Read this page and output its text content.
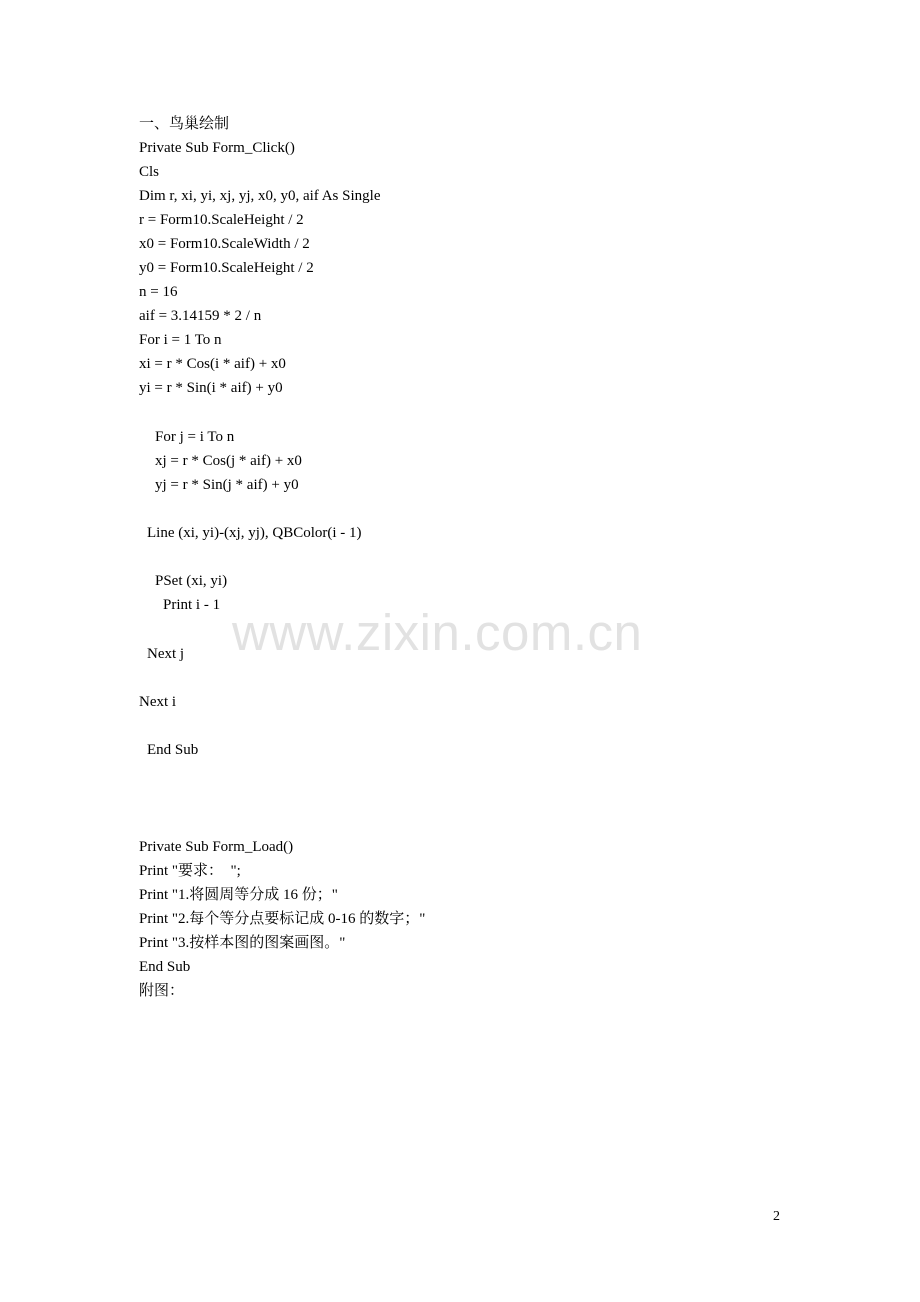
一、鸟巢绘制
Private Sub Form_Click()
Cls
Dim r, xi, yi, xj, yj, x0, y0, aif As Single
r = Form10.ScaleHeight / 2
x0 = Form10.ScaleWidth / 2
y0 = Form10.ScaleHeight / 2
n = 16
aif = 3.14159 * 2 / n
For i = 1 To n
xi = r * Cos(i * aif) + x0
yi = r * Sin(i * aif) + y0
For j = i To n
xj = r * Cos(j * aif) + x0
yj = r * Sin(j * aif) + y0
Line (xi, yi)-(xj, yj), QBColor(i - 1)
PSet (xi, yi)
Print i - 1
Next j
Next i
End Sub
Private Sub Form_Load()
Print "要求：  ";
Print "1.将圆周等分成 16 份；"
Print "2.每个等分点要标记成 0-16 的数字；"
Print "3.按样本图的图案画图。"
End Sub
附图：
www.zixin.com.cn
2
